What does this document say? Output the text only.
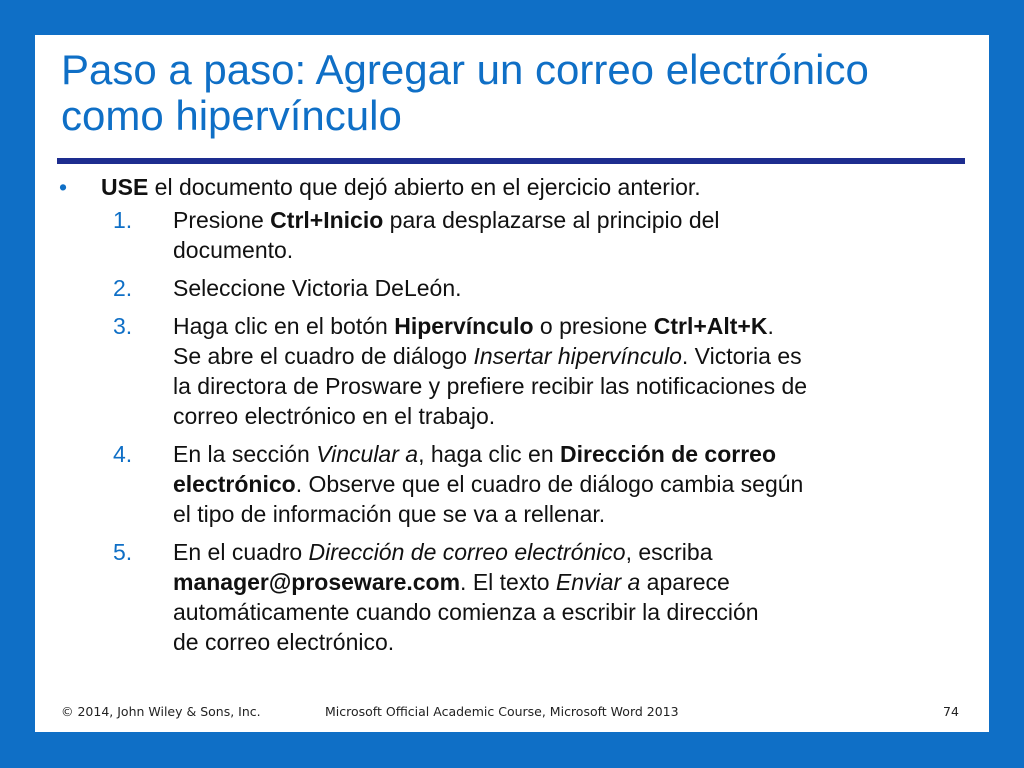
Paso a paso: Agregar un correo electrónico
como hipervínculo

• USE el documento que dejó abierto en el ejercicio anterior.

1. Presione Ctrl+Inicio para desplazarse al principio del
documento.
2. Seleccione Victoria DeLeón.
3. Haga clic en el botón Hipervínculo o presione Ctrl+Alt+K.
Se abre el cuadro de diálogo Insertar hipervínculo. Victoria es
la directora de Prosware y prefiere recibir las notificaciones de
correo electrónico en el trabajo.
4. En la sección Vincular a, haga clic en Dirección de correo
electrónico. Observe que el cuadro de diálogo cambia según
el tipo de información que se va a rellenar.
5. En el cuadro Dirección de correo electrónico, escriba
manager@proseware.com. El texto Enviar a aparece
automáticamente cuando comienza a escribir la dirección
de correo electrónico.
© 2014, John Wiley & Sons, Inc.	Microsoft Official Academic Course, Microsoft Word 2013	74
